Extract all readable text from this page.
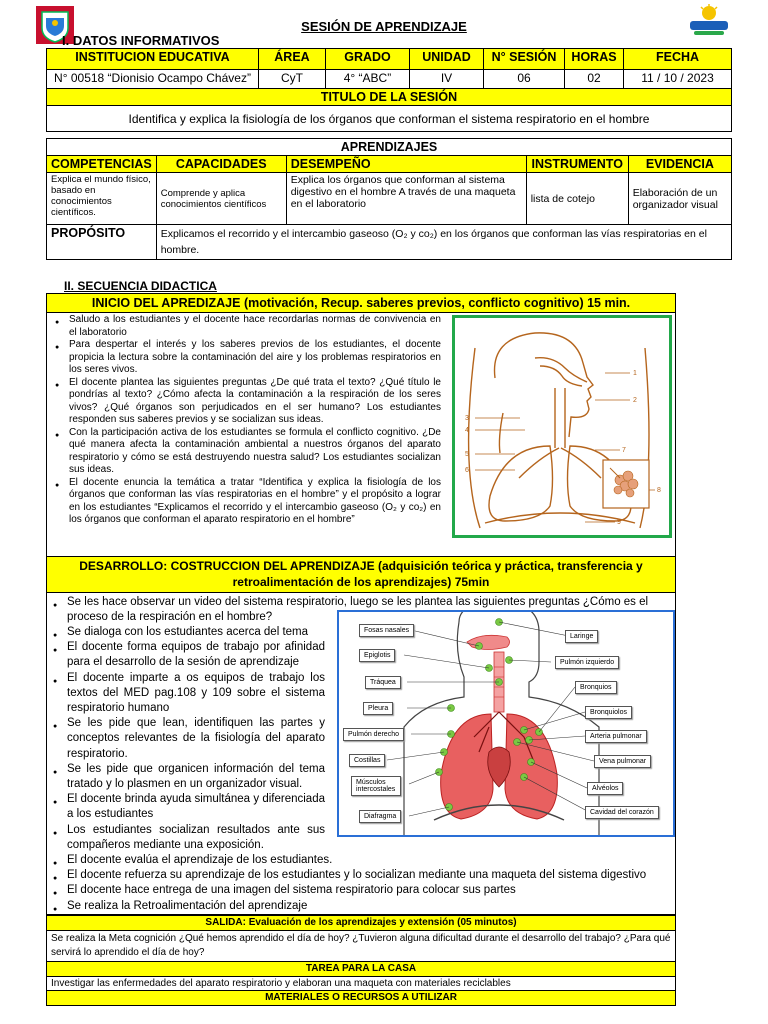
SESIÓN DE APRENDIZAJE
I. DATOS INFORMATIVOS
INSTITUCION EDUCATIVA	ÁREA	GRADO	UNIDAD	N° SESIÓN	HORAS	FECHA
N° 00518 “Dionisio Ocampo Chávez”	CyT	4° “ABC”	IV	06	02	11 / 10 / 2023
TITULO DE LA SESIÓN						
Identifica y explica la fisiología de los órganos que conforman el sistema respiratorio en el hombre						
APRENDIZAJES				
COMPETENCIAS	CAPACIDADES	DESEMPEÑO	INSTRUMENTO	EVIDENCIA
Explica el mundo físico, basado en conocimientos científicos.	Comprende y aplica conocimientos científicos	Explica los órganos que conforman al sistema digestivo en el hombre A través de una maqueta en el laboratorio	lista de cotejo	Elaboración de un organizador visual
PROPÓSITO	Explicamos el recorrido y el intercambio gaseoso (O₂ y co₂) en los órganos que conforman las vías respiratorias en el hombre.			
II. SECUENCIA DIDACTICA
INICIO DEL APREDIZAJE (motivación, Recup. saberes previos, conflicto cognitivo) 15 min.
● Saludo a los estudiantes y el docente hace recordarlas normas de convivencia en el laboratorio
● Para despertar el interés y los saberes previos de los estudiantes, el docente propicia la lectura sobre la contaminación del aire y los problemas respiratorios en los seres vivos.
● El docente plantea las siguientes preguntas ¿De qué trata el texto? ¿Qué título le pondrías al texto? ¿Cómo afecta la contaminación a la respiración de los seres vivos? ¿Qué órganos son perjudicados en el ser humano? Los estudiantes responden sus saberes previos y se socializan sus ideas.
● Con la participación activa de los estudiantes se formula el conflicto cognitivo. ¿De qué manera afecta la contaminación ambiental a nuestros órganos del aparato respiratorio y cómo se está destruyendo nuestra salud? Los estudiantes socializan sus ideas.
● El docente enuncia la temática a tratar “Identifica y explica la fisiología de los órganos que conforman las vías respiratorias en el hombre” y el propósito a lograr en los estudiantes “Explicamos el recorrido y el intercambio gaseoso (O₂ y co₂) en los órganos que conforman el aparato respiratorio en el hombre”
1
2
3
4
5
6
7
8
9
DESARROLLO: COSTRUCCION DEL APRENDIZAJE (adquisición teórica y práctica, transferencia y retroalimentación de los aprendizajes) 75min
● Se les hace observar un video del sistema respiratorio, luego se les plantea las siguientes preguntas ¿Cómo es el proceso de la respiración en el hombre?
● Se dialoga con los estudiantes acerca del tema
● El docente forma equipos de trabajo por afinidad para el desarrollo de la sesión de aprendizaje
● El docente imparte a os equipos de trabajo los textos del MED pag.108 y 109 sobre el sistema respiratorio humano
● Se les pide que lean, identifiquen las partes y conceptos relevantes de la fisiología del aparato respiratorio.
● Se les pide que organicen información del tema tratado y lo plasmen en un organizador visual.
● El docente brinda ayuda simultánea y diferenciada a los estudiantes
● Los estudiantes socializan resultados ante sus compañeros mediante una exposición.
● El docente evalúa el aprendizaje de los estudiantes.
● El docente refuerza su aprendizaje de los estudiantes y lo socializan mediante una maqueta del sistema digestivo
● El docente hace entrega de una imagen del sistema respiratorio para colocar sus partes
● Se realiza la Retroalimentación del aprendizaje
Fosas nasales
Epiglotis
Tráquea
Pleura
Pulmón derecho
Costillas
Músculos intercostales
Diafragma
Laringe
Pulmón izquierdo
Bronquios
Bronquiolos
Arteria pulmonar
Vena pulmonar
Alvéolos
Cavidad del corazón
SALIDA: Evaluación de los aprendizajes y extensión (05 minutos)
Se realiza la Meta cognición ¿Qué hemos aprendido el día de hoy? ¿Tuvieron alguna dificultad durante el desarrollo del trabajo? ¿Para qué servirá lo aprendido el día de hoy?
TAREA PARA LA CASA
Investigar las enfermedades del aparato respiratorio y elaboran una maqueta con materiales reciclables
MATERIALES O RECURSOS A UTILIZAR
